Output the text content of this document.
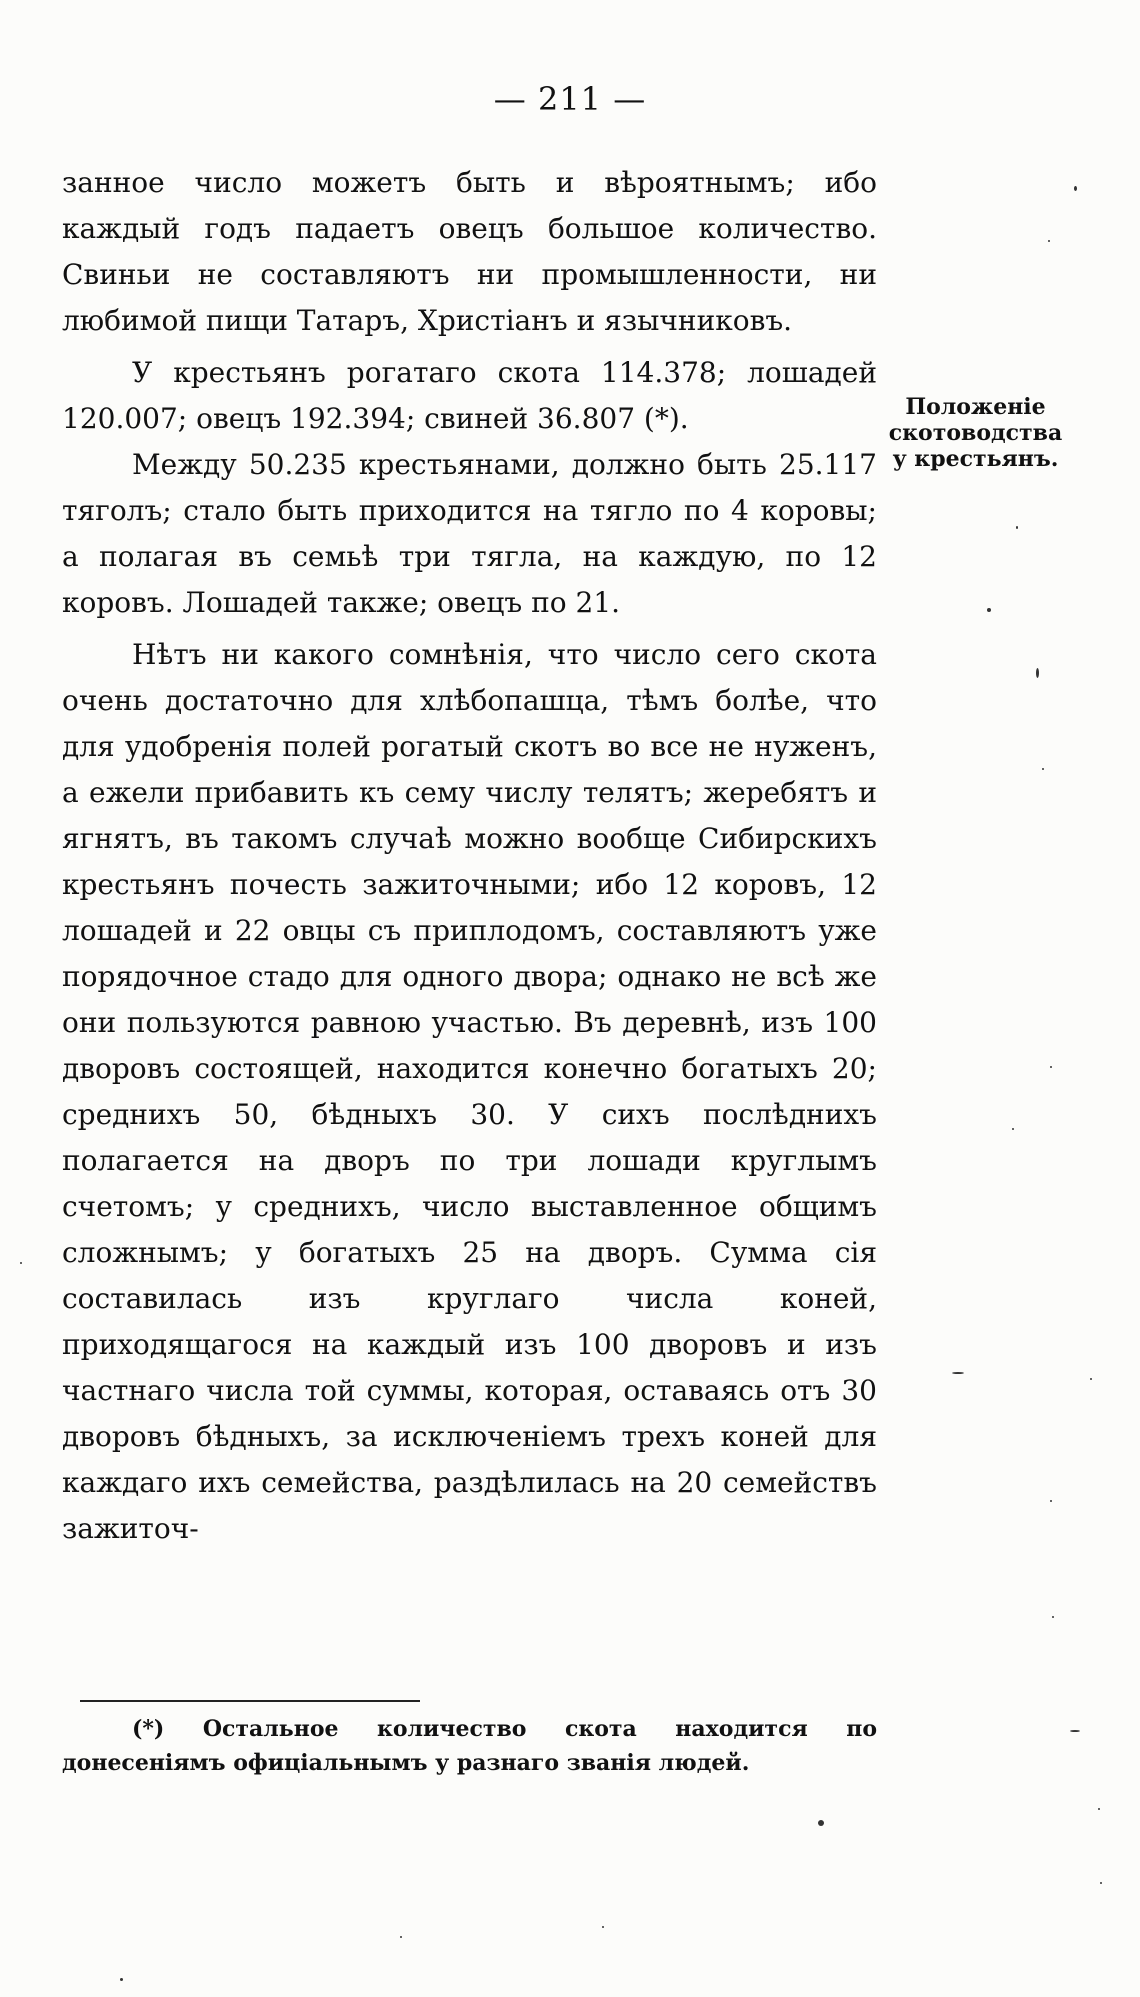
— 211 —

занное число можетъ быть и вѣроятнымъ; ибо каждый годъ падаетъ овецъ большое количество. Свиньи не составляютъ ни промышленности, ни любимой пищи Татаръ, Христіанъ и язычниковъ.

У крестьянъ рогатаго скота 114.378; лошадей 120.007; овецъ 192.394; свиней 36.807 (*).

Между 50.235 крестьянами, должно быть 25.117 тяголъ; стало быть приходится на тягло по 4 коровы; а полагая въ семьѣ три тягла, на каждую, по 12 коровъ. Лошадей также; овецъ по 21.

Нѣтъ ни какого сомнѣнія, что число сего скота очень достаточно для хлѣбопашца, тѣмъ болѣе, что для удобренія полей рогатый скотъ во все не нуженъ, а ежели прибавить къ сему числу телятъ; жеребятъ и ягнятъ, въ такомъ случаѣ можно вообще Сибирскихъ крестьянъ почесть зажиточными; ибо 12 коровъ, 12 лошадей и 22 овцы съ приплодомъ, составляютъ уже порядочное стадо для одного двора; однако не всѣ же они пользуются равною участью. Въ деревнѣ, изъ 100 дворовъ состоящей, находится конечно богатыхъ 20; среднихъ 50, бѣдныхъ 30. У сихъ послѣднихъ полагается на дворъ по три лошади круглымъ счетомъ; у среднихъ, число выставленное общимъ сложнымъ; у богатыхъ 25 на дворъ. Сумма сія составилась изъ круглаго числа коней, приходящагося на каждый изъ 100 дворовъ и изъ частнаго числа той суммы, которая, оставаясь отъ 30 дворовъ бѣдныхъ, за исключеніемъ трехъ коней для каждаго ихъ семейства, раздѣлилась на 20 семействъ зажиточ-

Положеніе скотоводства у крестьянъ.
(*) Остальное количество скота находится по донесеніямъ офиціальнымъ у разнаго званія людей.
